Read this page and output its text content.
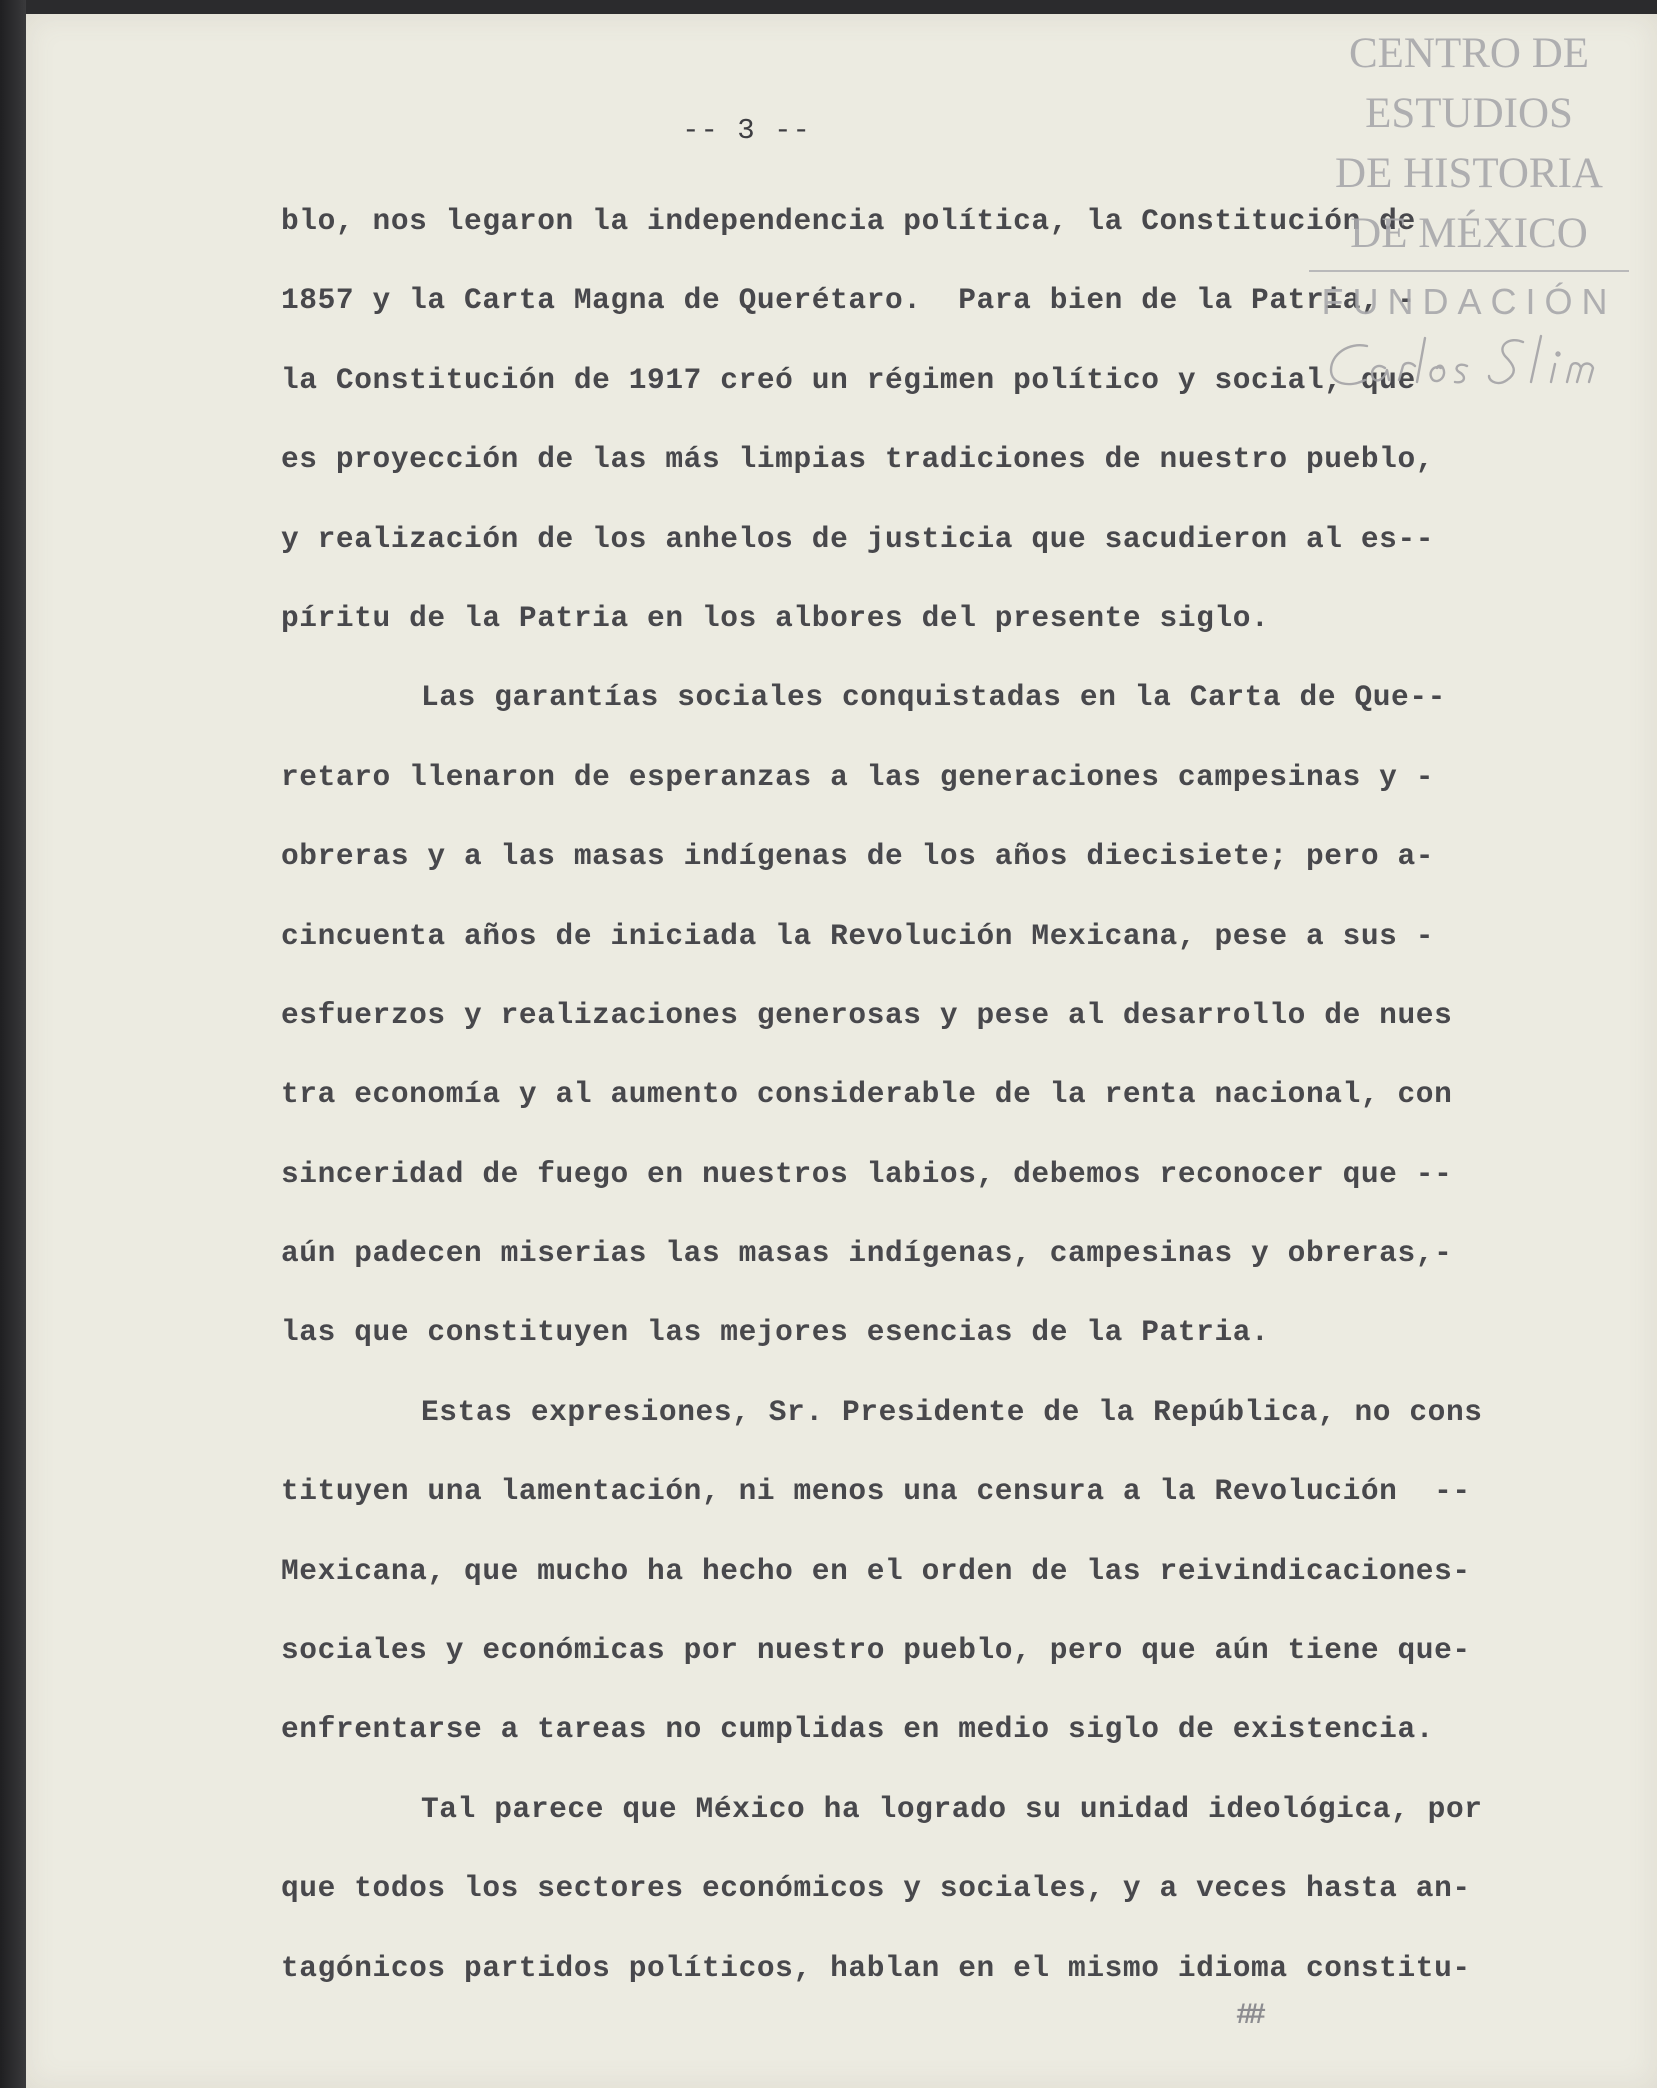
-- 3 --
blo, nos legaron la independencia política, la Constitución de
1857 y la Carta Magna de Querétaro.  Para bien de la Patria, -
la Constitución de 1917 creó un régimen político y social, que
es proyección de las más limpias tradiciones de nuestro pueblo,
y realización de los anhelos de justicia que sacudieron al es--
píritu de la Patria en los albores del presente siglo.
Las garantías sociales conquistadas en la Carta de Que--
retaro llenaron de esperanzas a las generaciones campesinas y -
obreras y a las masas indígenas de los años diecisiete; pero a-
cincuenta años de iniciada la Revolución Mexicana, pese a sus -
esfuerzos y realizaciones generosas y pese al desarrollo de nues
tra economía y al aumento considerable de la renta nacional, con
sinceridad de fuego en nuestros labios, debemos reconocer que --
aún padecen miserias las masas indígenas, campesinas y obreras,-
las que constituyen las mejores esencias de la Patria.
Estas expresiones, Sr. Presidente de la República, no cons
tituyen una lamentación, ni menos una censura a la Revolución  --
Mexicana, que mucho ha hecho en el orden de las reivindicaciones-
sociales y económicas por nuestro pueblo, pero que aún tiene que-
enfrentarse a tareas no cumplidas en medio siglo de existencia.
Tal parece que México ha logrado su unidad ideológica, por
que todos los sectores económicos y sociales, y a veces hasta an-
tagónicos partidos políticos, hablan en el mismo idioma constitu-
##
CENTRO DE
ESTUDIOS
DE HISTORIA
DE MÉXICO
FUNDACIÓN
